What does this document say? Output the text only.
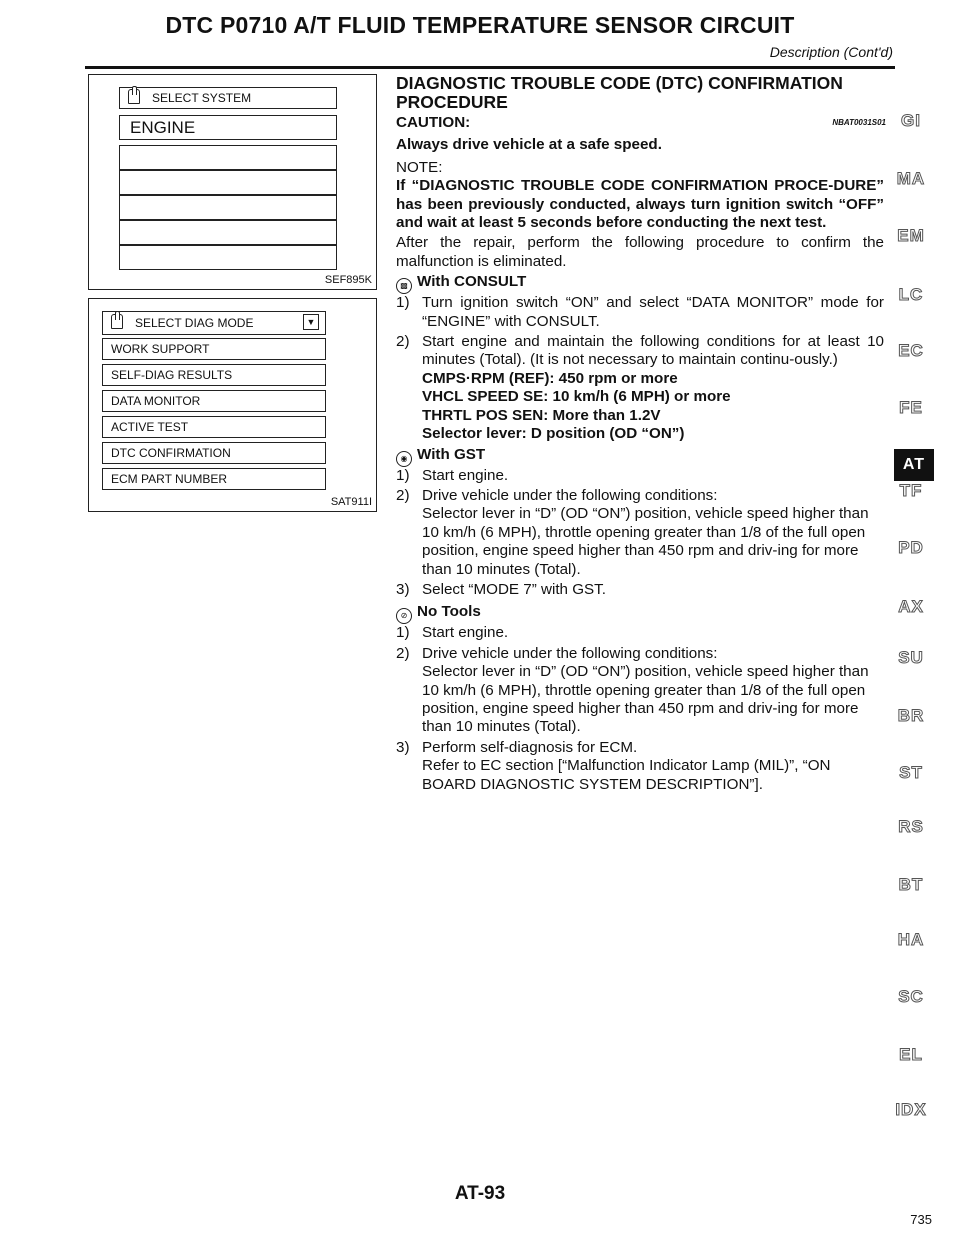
DTC P0710 A/T FLUID TEMPERATURE SENSOR CIRCUIT
Description (Cont'd)
SELECT SYSTEM
ENGINE
SEF895K
SELECT DIAG MODE	▼
WORK SUPPORT
SELF-DIAG RESULTS
DATA MONITOR
ACTIVE TEST
DTC CONFIRMATION
ECM PART NUMBER
SAT911I
DIAGNOSTIC TROUBLE CODE (DTC) CONFIRMATION PROCEDURE
NBAT0031S01
CAUTION:
Always drive vehicle at a safe speed.
NOTE:
If “DIAGNOSTIC TROUBLE CODE CONFIRMATION PROCE-DURE” has been previously conducted, always turn ignition switch “OFF” and wait at least 5 seconds before conducting the next test.
After the repair, perform the following procedure to confirm the malfunction is eliminated.
▩ With CONSULT
1) Turn ignition switch “ON” and select “DATA MONITOR” mode for “ENGINE” with CONSULT.
2) Start engine and maintain the following conditions for at least 10 minutes (Total). (It is not necessary to maintain continu-ously.)
CMPS·RPM (REF): 450 rpm or more
VHCL SPEED SE: 10 km/h (6 MPH) or more
THRTL POS SEN: More than 1.2V
Selector lever: D position (OD “ON”)
◉ With GST
1) Start engine.
2) Drive vehicle under the following conditions:
Selector lever in “D” (OD “ON”) position, vehicle speed higher than 10 km/h (6 MPH), throttle opening greater than 1/8 of the full open position, engine speed higher than 450 rpm and driv-ing for more than 10 minutes (Total).
3) Select “MODE 7” with GST.
⊘ No Tools
1) Start engine.
2) Drive vehicle under the following conditions:
Selector lever in “D” (OD “ON”) position, vehicle speed higher than 10 km/h (6 MPH), throttle opening greater than 1/8 of the full open position, engine speed higher than 450 rpm and driv-ing for more than 10 minutes (Total).
3) Perform self-diagnosis for ECM.
Refer to EC section [“Malfunction Indicator Lamp (MIL)”, “ON BOARD DIAGNOSTIC SYSTEM DESCRIPTION”].
GI
MA
EM
LC
EC
FE
AT
TF
PD
AX
SU
BR
ST
RS
BT
HA
SC
EL
IDX
AT-93
735
